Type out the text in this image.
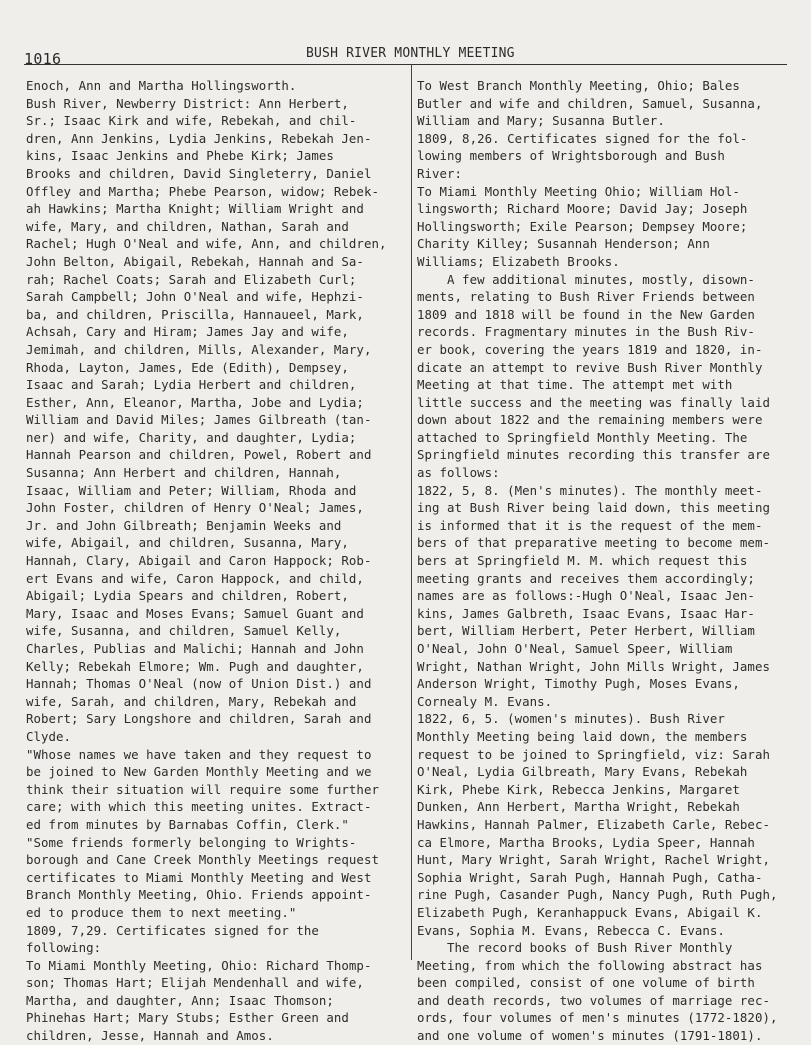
1016	BUSH RIVER MONTHLY MEETING
Enoch, Ann and Martha Hollingsworth.
Bush River, Newberry District: Ann Herbert,
Sr.; Isaac Kirk and wife, Rebekah, and chil-
dren, Ann Jenkins, Lydia Jenkins, Rebekah Jen-
kins, Isaac Jenkins and Phebe Kirk; James
Brooks and children, David Singleterry, Daniel
Offley and Martha; Phebe Pearson, widow; Rebek-
ah Hawkins; Martha Knight; William Wright and
wife, Mary, and children, Nathan, Sarah and
Rachel; Hugh O'Neal and wife, Ann, and children,
John Belton, Abigail, Rebekah, Hannah and Sa-
rah; Rachel Coats; Sarah and Elizabeth Curl;
Sarah Campbell; John O'Neal and wife, Hephzi-
ba, and children, Priscilla, Hannaueel, Mark,
Achsah, Cary and Hiram; James Jay and wife,
Jemimah, and children, Mills, Alexander, Mary,
Rhoda, Layton, James, Ede (Edith), Dempsey,
Isaac and Sarah; Lydia Herbert and children,
Esther, Ann, Eleanor, Martha, Jobe and Lydia;
William and David Miles; James Gilbreath (tan-
ner) and wife, Charity, and daughter, Lydia;
Hannah Pearson and children, Powel, Robert and
Susanna; Ann Herbert and children, Hannah,
Isaac, William and Peter; William, Rhoda and
John Foster, children of Henry O'Neal; James,
Jr. and John Gilbreath; Benjamin Weeks and
wife, Abigail, and children, Susanna, Mary,
Hannah, Clary, Abigail and Caron Happock; Rob-
ert Evans and wife, Caron Happock, and child,
Abigail; Lydia Spears and children, Robert,
Mary, Isaac and Moses Evans; Samuel Guant and
wife, Susanna, and children, Samuel Kelly,
Charles, Publias and Malichi; Hannah and John
Kelly; Rebekah Elmore; Wm. Pugh and daughter,
Hannah; Thomas O'Neal (now of Union Dist.) and
wife, Sarah, and children, Mary, Rebekah and
Robert; Sary Longshore and children, Sarah and
Clyde.
"Whose names we have taken and they request to
be joined to New Garden Monthly Meeting and we
think their situation will require some further
care; with which this meeting unites. Extract-
ed from minutes by Barnabas Coffin, Clerk."
"Some friends formerly belonging to Wrights-
borough and Cane Creek Monthly Meetings request
certificates to Miami Monthly Meeting and West
Branch Monthly Meeting, Ohio. Friends appoint-
ed to produce them to next meeting."
1809, 7,29. Certificates signed for the
following:
To Miami Monthly Meeting, Ohio: Richard Thomp-
son; Thomas Hart; Elijah Mendenhall and wife,
Martha, and daughter, Ann; Isaac Thomson;
Phinehas Hart; Mary Stubs; Esther Green and
children, Jesse, Hannah and Amos.
To West Branch Monthly Meeting, Ohio; Bales
Butler and wife and children, Samuel, Susanna,
William and Mary; Susanna Butler.
1809, 8,26. Certificates signed for the fol-
lowing members of Wrightsborough and Bush
River:
To Miami Monthly Meeting Ohio; William Hol-
lingsworth; Richard Moore; David Jay; Joseph
Hollingsworth; Exile Pearson; Dempsey Moore;
Charity Killey; Susannah Henderson; Ann
Williams; Elizabeth Brooks.
A few additional minutes, mostly, disown-
ments, relating to Bush River Friends between
1809 and 1818 will be found in the New Garden
records. Fragmentary minutes in the Bush Riv-
er book, covering the years 1819 and 1820, in-
dicate an attempt to revive Bush River Monthly
Meeting at that time. The attempt met with
little success and the meeting was finally laid
down about 1822 and the remaining members were
attached to Springfield Monthly Meeting. The
Springfield minutes recording this transfer are
as follows:
1822, 5, 8. (Men's minutes). The monthly meet-
ing at Bush River being laid down, this meeting
is informed that it is the request of the mem-
bers of that preparative meeting to become mem-
bers at Springfield M. M. which request this
meeting grants and receives them accordingly;
names are as follows:-Hugh O'Neal, Isaac Jen-
kins, James Galbreth, Isaac Evans, Isaac Har-
bert, William Herbert, Peter Herbert, William
O'Neal, John O'Neal, Samuel Speer, William
Wright, Nathan Wright, John Mills Wright, James
Anderson Wright, Timothy Pugh, Moses Evans,
Cornealy M. Evans.
1822, 6, 5. (women's minutes). Bush River
Monthly Meeting being laid down, the members
request to be joined to Springfield, viz: Sarah
O'Neal, Lydia Gilbreath, Mary Evans, Rebekah
Kirk, Phebe Kirk, Rebecca Jenkins, Margaret
Dunken, Ann Herbert, Martha Wright, Rebekah
Hawkins, Hannah Palmer, Elizabeth Carle, Rebec-
ca Elmore, Martha Brooks, Lydia Speer, Hannah
Hunt, Mary Wright, Sarah Wright, Rachel Wright,
Sophia Wright, Sarah Pugh, Hannah Pugh, Catha-
rine Pugh, Casander Pugh, Nancy Pugh, Ruth Pugh,
Elizabeth Pugh, Keranhappuck Evans, Abigail K.
Evans, Sophia M. Evans, Rebecca C. Evans.
The record books of Bush River Monthly
Meeting, from which the following abstract has
been compiled, consist of one volume of birth
and death records, two volumes of marriage rec-
ords, four volumes of men's minutes (1772-1820),
and one volume of women's minutes (1791-1801).
